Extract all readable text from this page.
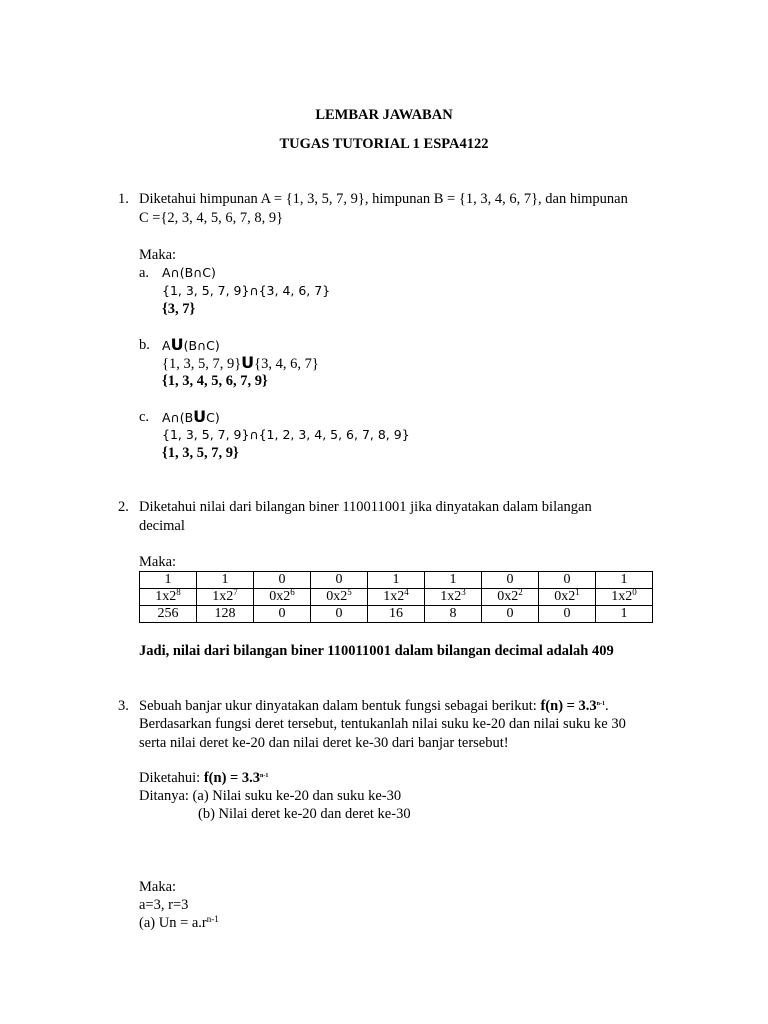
LEMBAR JAWABAN
TUGAS TUTORIAL 1 ESPA4122
1. Diketahui himpunan A = {1, 3, 5, 7, 9}, himpunan B = {1, 3, 4, 6, 7}, dan himpunan
C ={2, 3, 4, 5, 6, 7, 8, 9}
Maka:
a. A∩(B∩C)
{1, 3, 5, 7, 9}∩{3, 4, 6, 7}
{3, 7}
b. AU(B∩C)
{1, 3, 5, 7, 9}U{3, 4, 6, 7}
{1, 3, 4, 5, 6, 7, 9}
c. A∩(BUC)
{1, 3, 5, 7, 9}∩{1, 2, 3, 4, 5, 6, 7, 8, 9}
{1, 3, 5, 7, 9}
2. Diketahui nilai dari bilangan biner 110011001 jika dinyatakan dalam bilangan
decimal
Maka:
1	1	0	0	1	1	0	0	1
$1x2^8$	$1x2^7$	$0x2^6$	$0x2^5$	$1x2^4$	$1x2^3$	$0x2^2$	$0x2^1$	$1x2^0$
256	128	0	0	16	8	0	0	1
Jadi, nilai dari bilangan biner 110011001 dalam bilangan decimal adalah 409
3. Sebuah banjar ukur dinyatakan dalam bentuk fungsi sebagai berikut: $f(n) = 3.3^{n-1}$.
Berdasarkan fungsi deret tersebut, tentukanlah nilai suku ke-20 dan nilai suku ke 30
serta nilai deret ke-20 dan nilai deret ke-30 dari banjar tersebut!
Diketahui: $f(n) = 3.3^{n-1}$
Ditanya: (a) Nilai suku ke-20 dan suku ke-30
(b) Nilai deret ke-20 dan deret ke-30
Maka:
a=3, r=3
(a) $Un = a.r^{n-1}$
